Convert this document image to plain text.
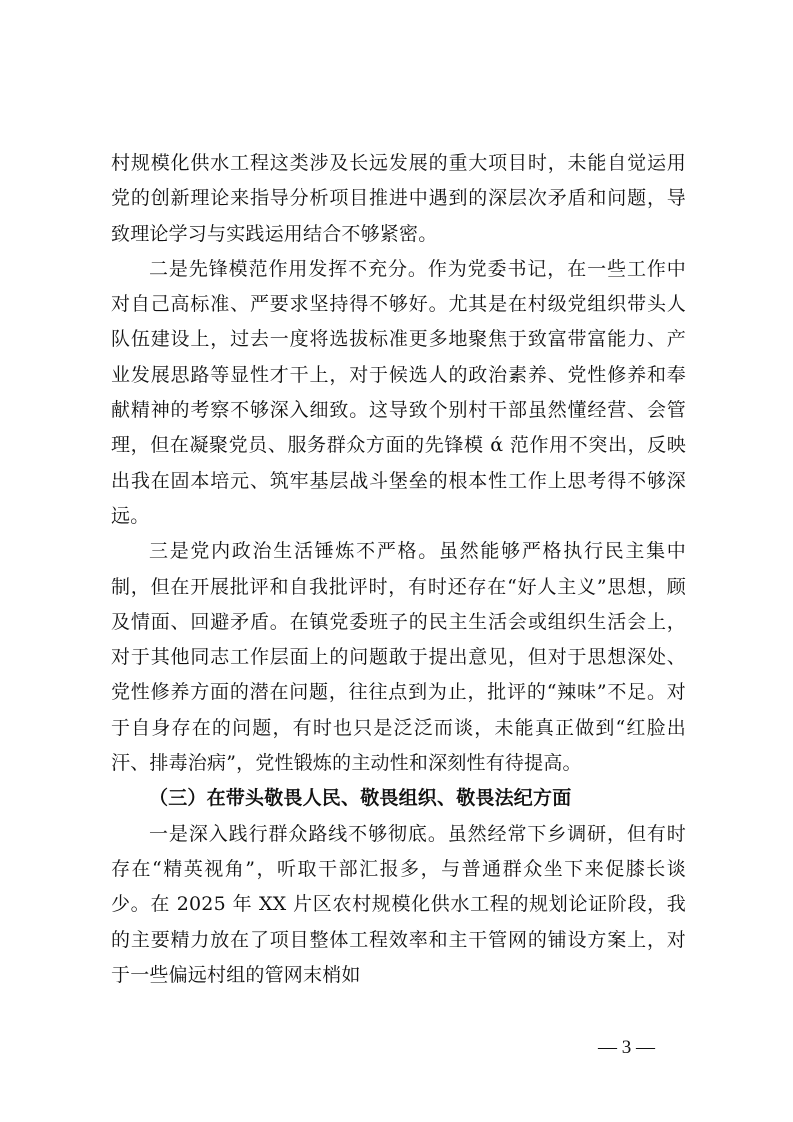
村规模化供水工程这类涉及长远发展的重大项目时，未能自觉运用党的创新理论来指导分析项目推进中遇到的深层次矛盾和问题，导致理论学习与实践运用结合不够紧密。

二是先锋模范作用发挥不充分。作为党委书记，在一些工作中对自己高标准、严要求坚持得不够好。尤其是在村级党组织带头人队伍建设上，过去一度将选拔标准更多地聚焦于致富带富能力、产业发展思路等显性才干上，对于候选人的政治素养、党性修养和奉献精神的考察不够深入细致。这导致个别村干部虽然懂经营、会管理，但在凝聚党员、服务群众方面的先锋模 ά 范作用不突出，反映出我在固本培元、筑牢基层战斗堡垒的根本性工作上思考得不够深远。

三是党内政治生活锤炼不严格。虽然能够严格执行民主集中制，但在开展批评和自我批评时，有时还存在“好人主义”思想，顾及情面、回避矛盾。在镇党委班子的民主生活会或组织生活会上，对于其他同志工作层面上的问题敢于提出意见，但对于思想深处、党性修养方面的潜在问题，往往点到为止，批评的“辣味”不足。对于自身存在的问题，有时也只是泛泛而谈，未能真正做到“红脸出汗、排毒治病”，党性锻炼的主动性和深刻性有待提高。

（三）在带头敬畏人民、敬畏组织、敬畏法纪方面

一是深入践行群众路线不够彻底。虽然经常下乡调研，但有时存在“精英视角”，听取干部汇报多，与普通群众坐下来促膝长谈少。在 2025 年 XX 片区农村规模化供水工程的规划论证阶段，我的主要精力放在了项目整体工程效率和主干管网的铺设方案上，对于一些偏远村组的管网末梢如

— 3 —
